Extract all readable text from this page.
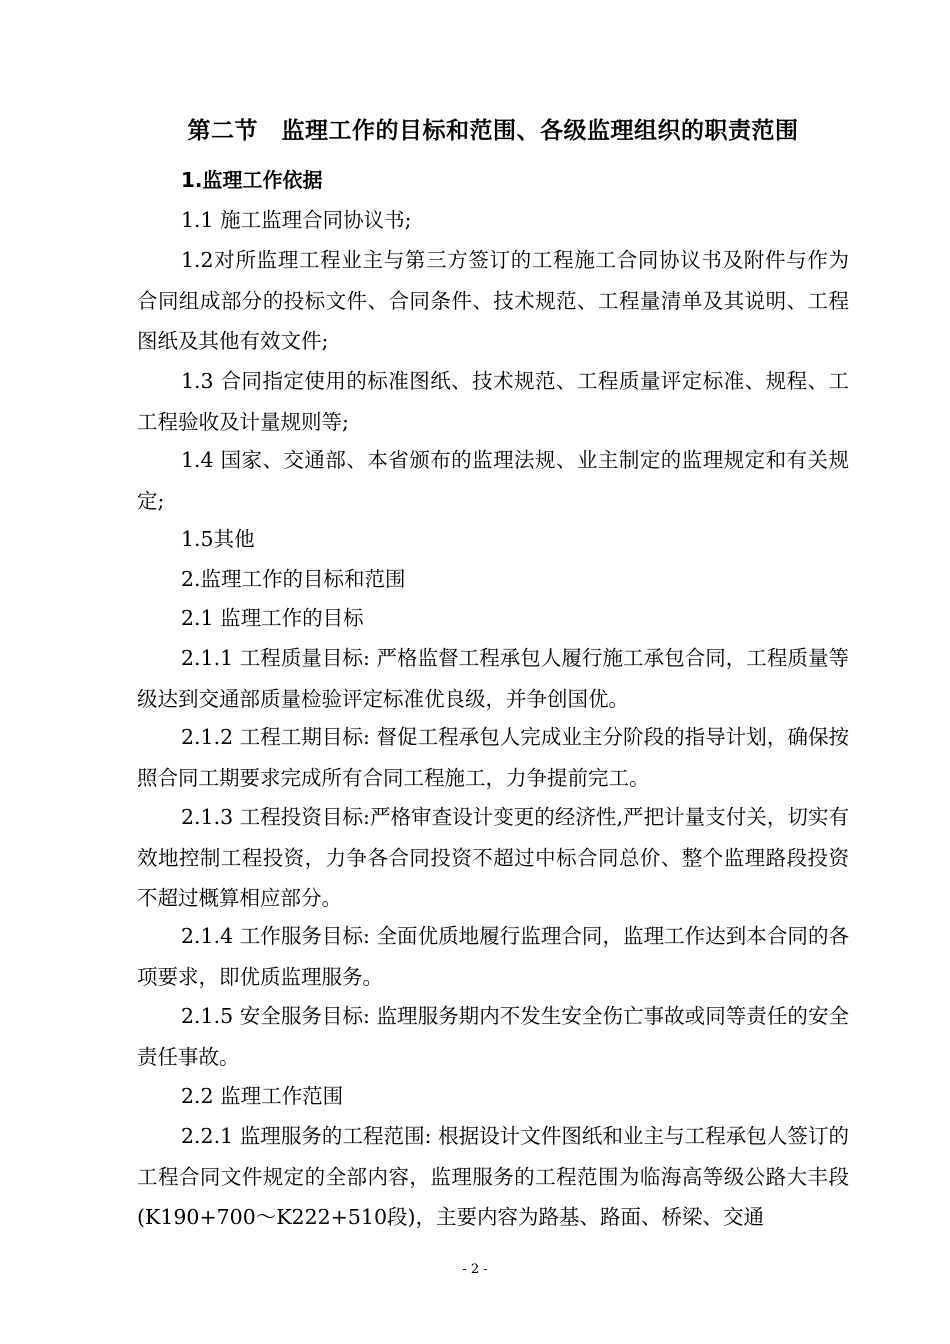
第二节　监理工作的目标和范围、各级监理组织的职责范围

1.监理工作依据

1.1 施工监理合同协议书;

1.2对所监理工程业主与第三方签订的工程施工合同协议书及附件与作为合同组成部分的投标文件、合同条件、技术规范、工程量清单及其说明、工程图纸及其他有效文件;

1.3 合同指定使用的标准图纸、技术规范、工程质量评定标准、规程、工工程验收及计量规则等;

1.4 国家、交通部、本省颁布的监理法规、业主制定的监理规定和有关规定;

1.5其他

2.监理工作的目标和范围

2.1 监理工作的目标

2.1.1 工程质量目标: 严格监督工程承包人履行施工承包合同，工程质量等级达到交通部质量检验评定标准优良级，并争创国优。

2.1.2 工程工期目标: 督促工程承包人完成业主分阶段的指导计划，确保按照合同工期要求完成所有合同工程施工，力争提前完工。

2.1.3 工程投资目标:严格审查设计变更的经济性,严把计量支付关，切实有效地控制工程投资，力争各合同投资不超过中标合同总价、整个监理路段投资不超过概算相应部分。

2.1.4 工作服务目标: 全面优质地履行监理合同，监理工作达到本合同的各项要求，即优质监理服务。

2.1.5 安全服务目标: 监理服务期内不发生安全伤亡事故或同等责任的安全责任事故。

2.2 监理工作范围

2.2.1 监理服务的工程范围: 根据设计文件图纸和业主与工程承包人签订的工程合同文件规定的全部内容，监理服务的工程范围为临海高等级公路大丰段(K190+700～K222+510段)，主要内容为路基、路面、桥梁、交通

- 2 -
